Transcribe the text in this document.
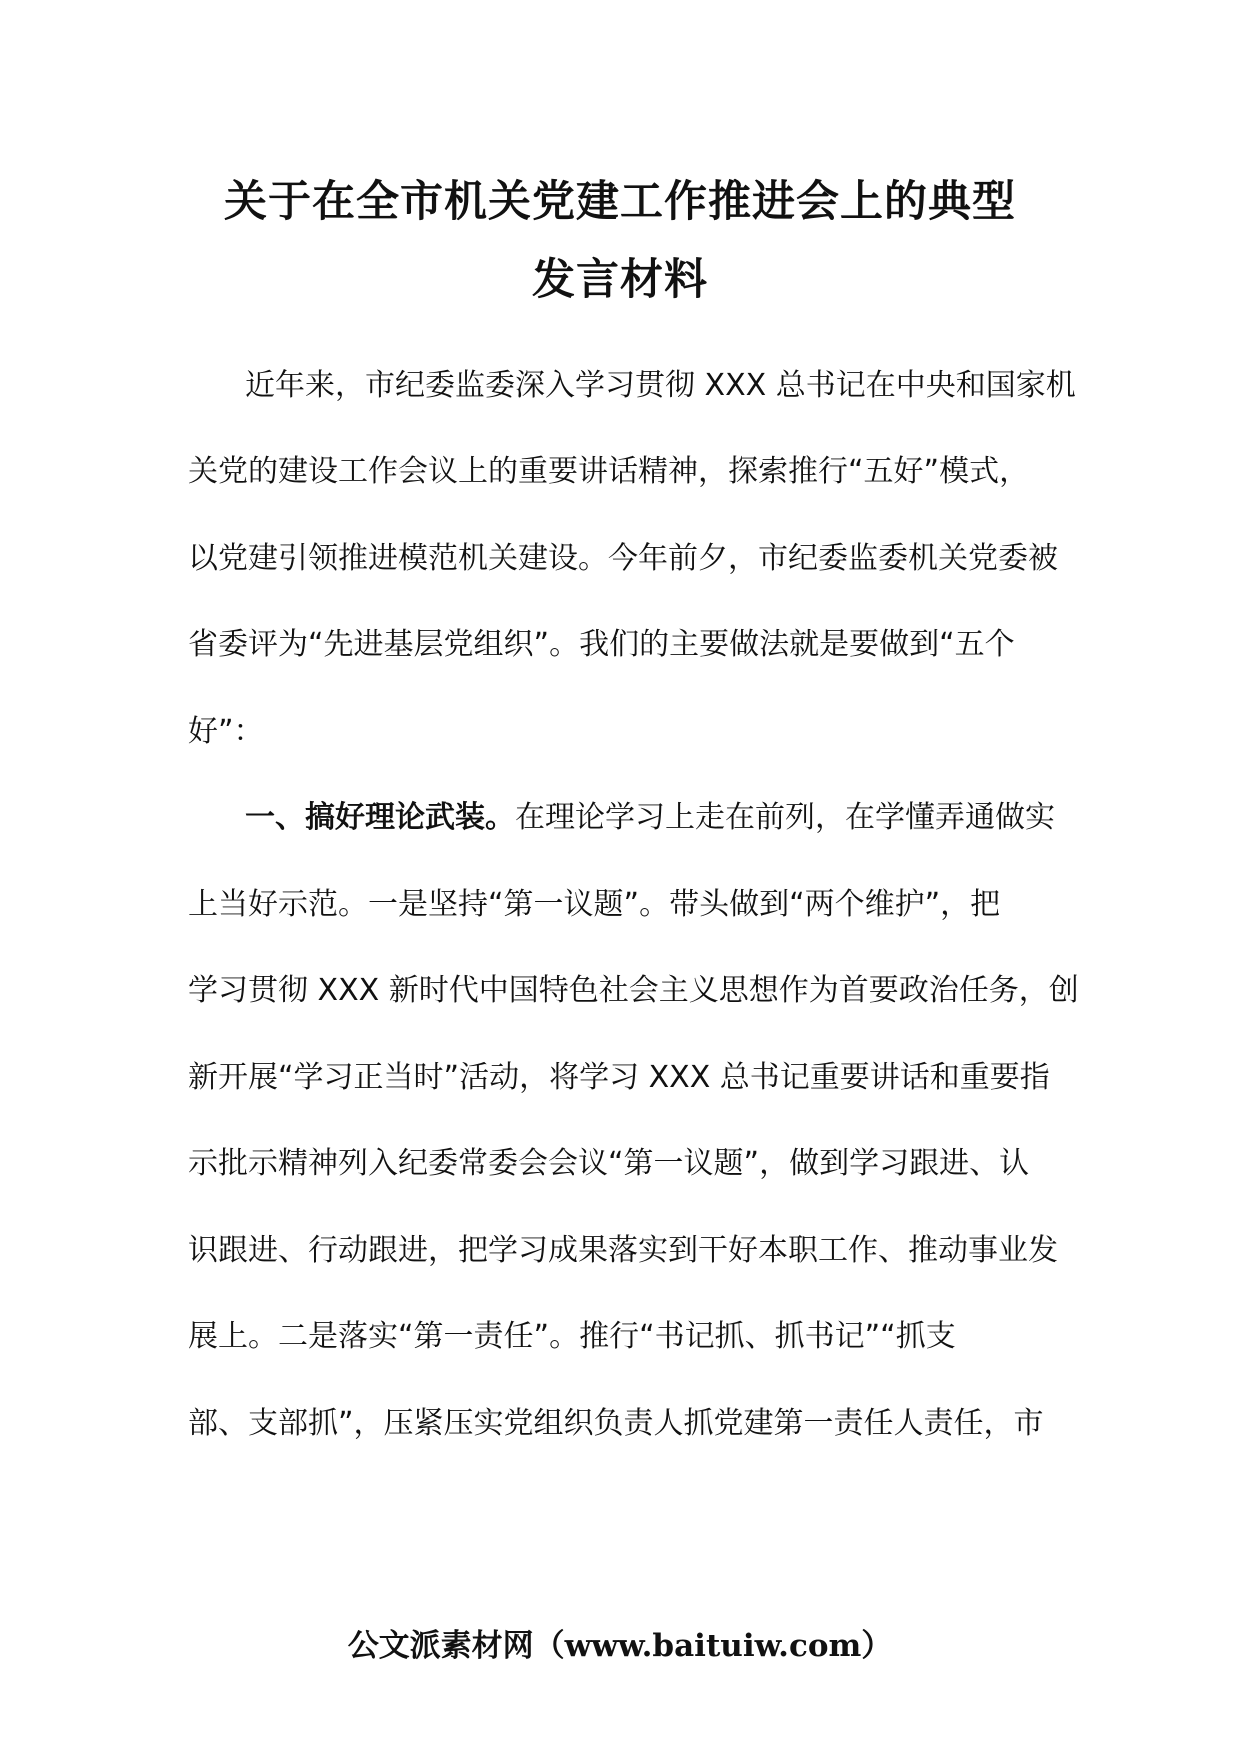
关于在全市机关党建工作推进会上的典型
发言材料
近年来，市纪委监委深入学习贯彻 XXX 总书记在中央和国家机
关党的建设工作会议上的重要讲话精神，探索推行“五好”模式，
以党建引领推进模范机关建设。今年前夕，市纪委监委机关党委被
省委评为“先进基层党组织”。我们的主要做法就是要做到“五个
好”：
一、搞好理论武装。在理论学习上走在前列，在学懂弄通做实
上当好示范。一是坚持“第一议题”。带头做到“两个维护”，把
学习贯彻 XXX 新时代中国特色社会主义思想作为首要政治任务，创
新开展“学习正当时”活动，将学习 XXX 总书记重要讲话和重要指
示批示精神列入纪委常委会会议“第一议题”，做到学习跟进、认
识跟进、行动跟进，把学习成果落实到干好本职工作、推动事业发
展上。二是落实“第一责任”。推行“书记抓、抓书记”“抓支
部、支部抓”，压紧压实党组织负责人抓党建第一责任人责任，市
公文派素材网（www.baituiw.com）
